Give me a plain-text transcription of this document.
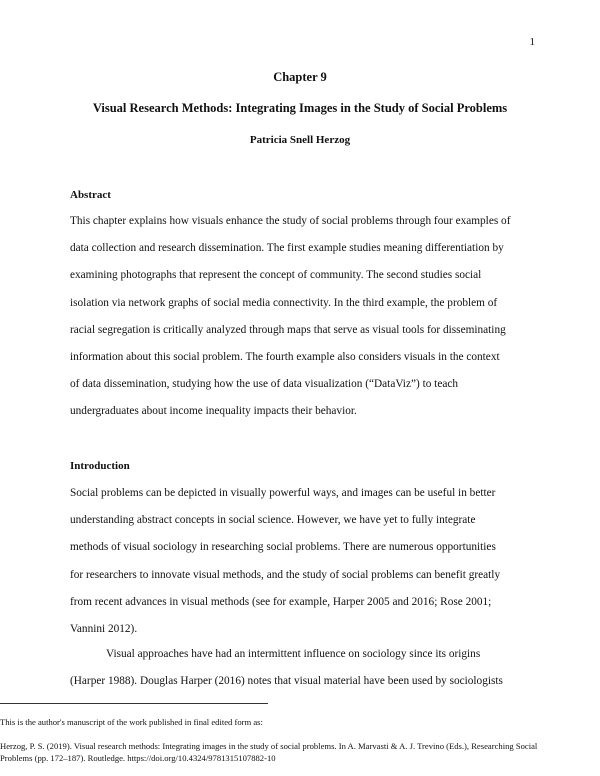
1
Chapter 9
Visual Research Methods: Integrating Images in the Study of Social Problems
Patricia Snell Herzog
Abstract
This chapter explains how visuals enhance the study of social problems through four examples of
data collection and research dissemination. The first example studies meaning differentiation by
examining photographs that represent the concept of community. The second studies social
isolation via network graphs of social media connectivity. In the third example, the problem of
racial segregation is critically analyzed through maps that serve as visual tools for disseminating
information about this social problem. The fourth example also considers visuals in the context
of data dissemination, studying how the use of data visualization (“DataViz”) to teach
undergraduates about income inequality impacts their behavior.
Introduction
Social problems can be depicted in visually powerful ways, and images can be useful in better
understanding abstract concepts in social science. However, we have yet to fully integrate
methods of visual sociology in researching social problems. There are numerous opportunities
for researchers to innovate visual methods, and the study of social problems can benefit greatly
from recent advances in visual methods (see for example, Harper 2005 and 2016; Rose 2001;
Vannini 2012).
Visual approaches have had an intermittent influence on sociology since its origins
(Harper 1988). Douglas Harper (2016) notes that visual material have been used by sociologists
This is the author's manuscript of the work published in final edited form as:
Herzog, P. S. (2019). Visual research methods: Integrating images in the study of social problems. In A. Marvasti & A. J. Trevino (Eds.), Researching Social Problems (pp. 172–187). Routledge. https://doi.org/10.4324/9781315107882-10
